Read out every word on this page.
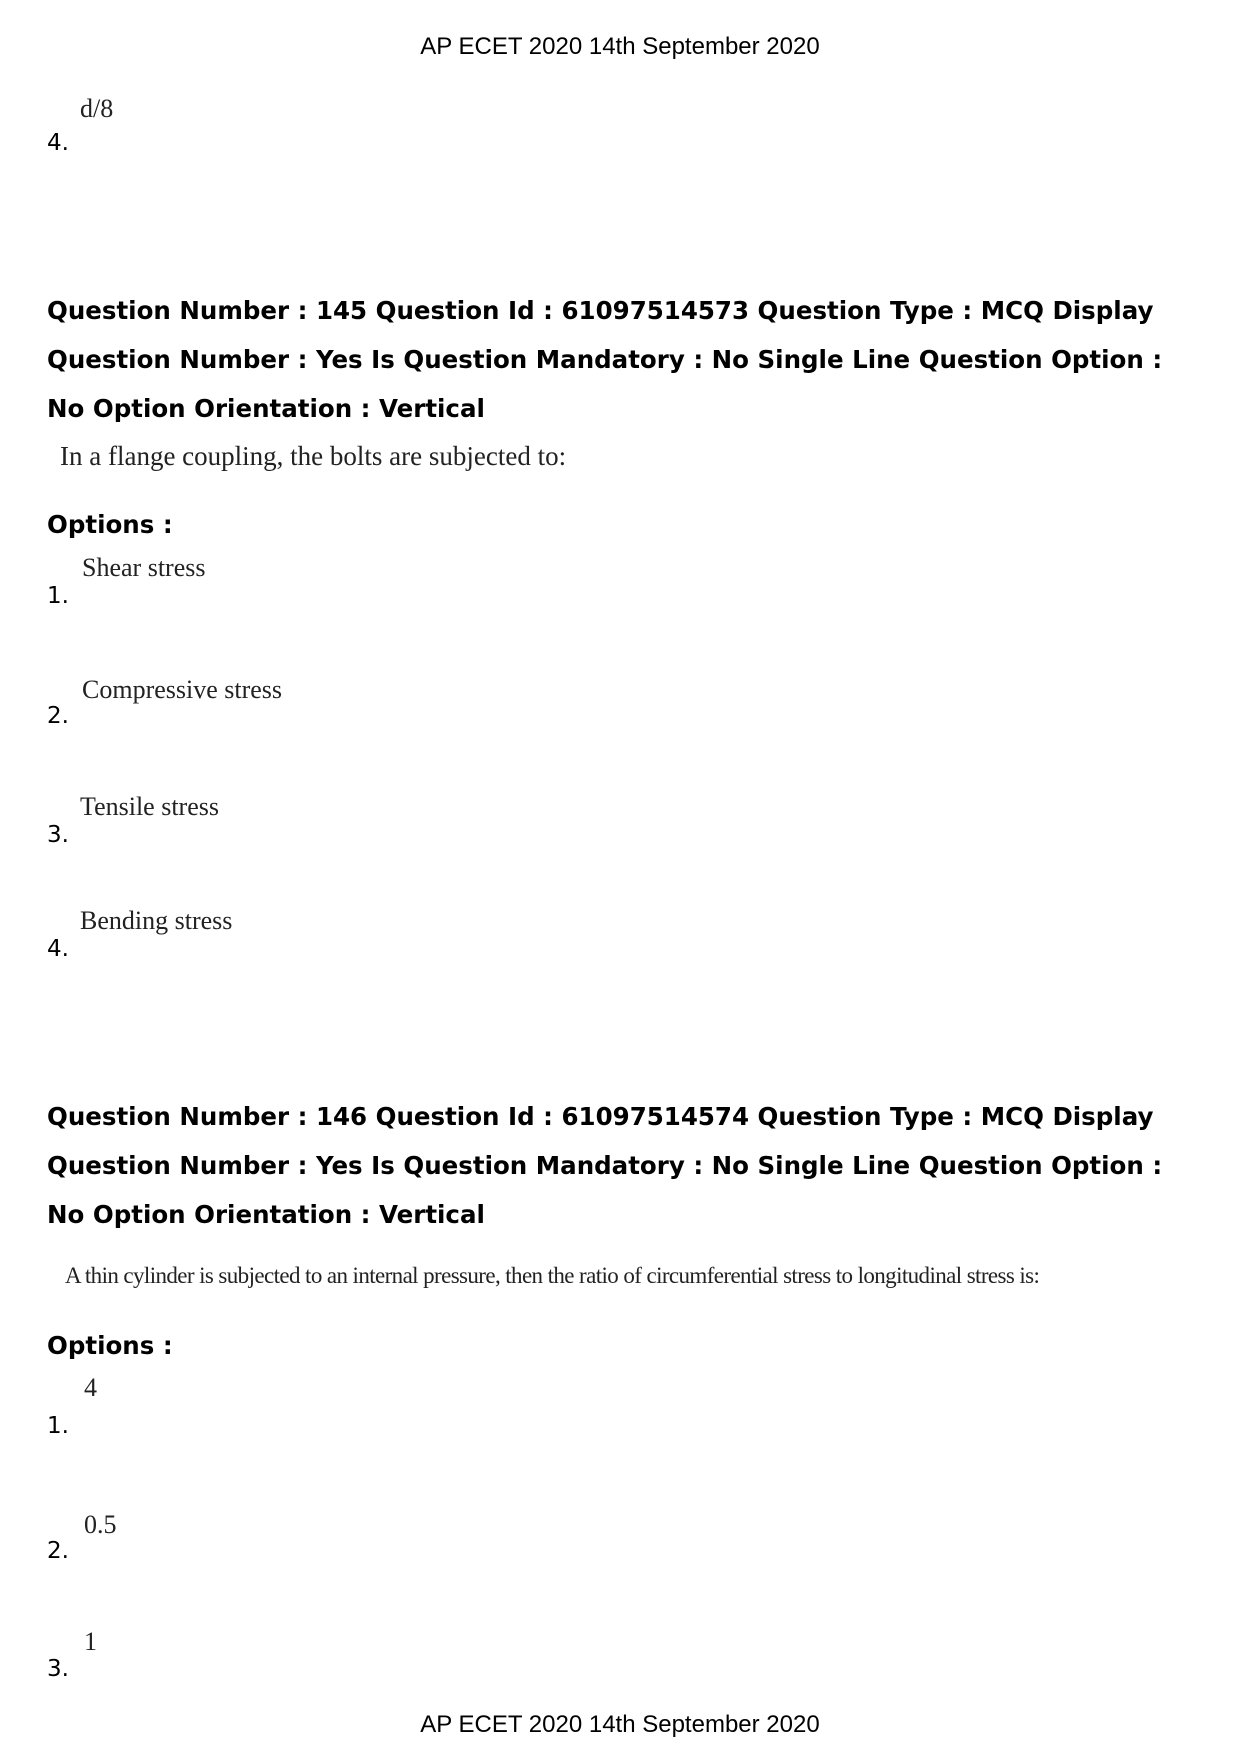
AP ECET 2020 14th September 2020
d/8
4.
Question Number : 145 Question Id : 61097514573 Question Type : MCQ Display Question Number : Yes Is Question Mandatory : No Single Line Question Option : No Option Orientation : Vertical
In a flange coupling, the bolts are subjected to:
Options :
Shear stress
1.
Compressive stress
2.
Tensile stress
3.
Bending stress
4.
Question Number : 146 Question Id : 61097514574 Question Type : MCQ Display Question Number : Yes Is Question Mandatory : No Single Line Question Option : No Option Orientation : Vertical
A thin cylinder is subjected to an internal pressure, then the ratio of circumferential stress to longitudinal stress is:
Options :
4
1.
0.5
2.
1
3.
AP ECET 2020 14th September 2020
